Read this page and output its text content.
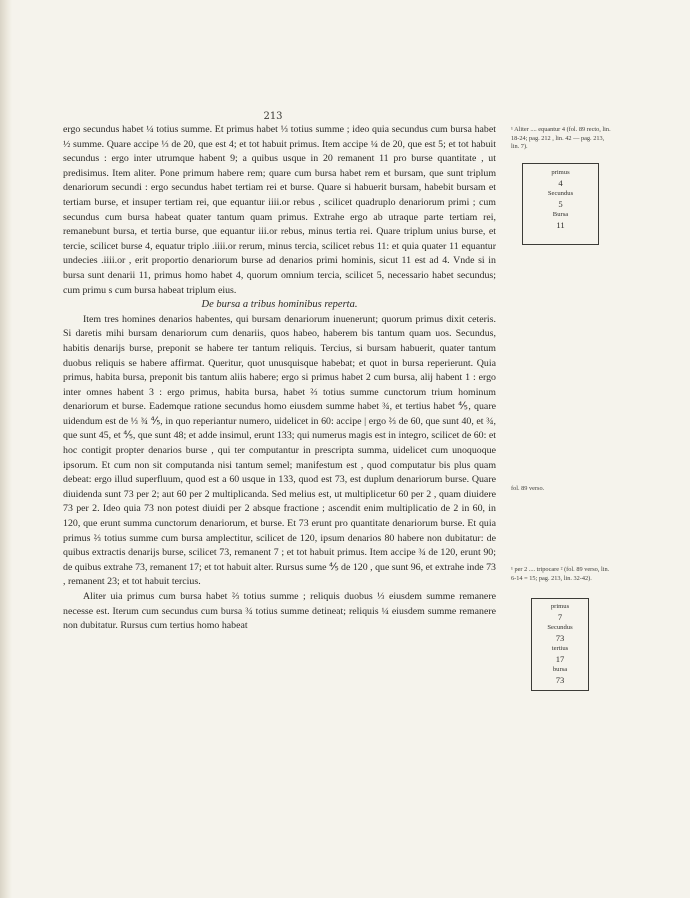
213

ergo secundus habet ¼ totius summe. Et primus habet ⅓ totius summe ; ideo quia secundus cum bursa habet ½ summe. Quare accipe ⅓ de 20, que est 4; et tot habuit primus. Item accipe ¼ de 20, que est 5; et tot habuit secundus : ergo inter utrumque habent 9; a quibus usque in 20 remanent 11 pro burse quantitate , ut predisimus. Item aliter. Pone primum habere rem; quare cum bursa habet rem et bursam, que sunt triplum denariorum secundi : ergo secundus habet tertiam rei et burse. Quare si habuerit bursam, habebit bursam et tertiam burse, et insuper tertiam rei, que equantur iiii.or rebus , scilicet quadruplo denariorum primi ; cum secundus cum bursa habeat quater tantum quam primus. Extrahe ergo ab utraque parte tertiam rei, remanebunt bursa, et tertia burse, que equantur iii.or rebus, minus tertia rei. Quare triplum unius burse, et tercie, scilicet burse 4, equatur triplo .iiii.or rerum, minus tercia, scilicet rebus 11: et quia quater 11 equantur undecies .iiii.or , erit proportio denariorum burse ad denarios primi hominis, sicut 11 est ad 4. Vnde si in bursa sunt denarii 11, primus homo habet 4, quorum omnium tercia, scilicet 5, necessario habet secundus; cum primu s cum bursa habeat triplum eius.

De bursa a tribus hominibus reperta.

Item tres homines denarios habentes, qui bursam denariorum inuenerunt; quorum primus dixit ceteris. Si daretis mihi bursam denariorum cum denariis, quos habeo, haberem bis tantum quam uos. Secundus, habitis denarijs burse, preponit se habere ter tantum reliquis. Tercius, si bursam habuerit, quater tantum duobus reliquis se habere affirmat. Queritur, quot unusquisque habebat; et quot in bursa reperierunt. Quia primus, habita bursa, preponit bis tantum aliis habere; ergo si primus habet 2 cum bursa, alij habent 1 : ergo inter omnes habent 3 : ergo primus, habita bursa, habet ⅔ totius summe cunctorum trium hominum denariorum et burse. Eademque ratione secundus homo eiusdem summe habet ¾, et tertius habet ⅘, quare uidendum est de ⅓ ¾ ⅘, in quo reperiantur numero, uidelicet in 60: accipe | ergo ⅔ de 60, que sunt 40, et ¾, que sunt 45, et ⅘, que sunt 48; et adde insimul, erunt 133; qui numerus magis est in integro, scilicet de 60: et hoc contigit propter denarios burse , qui ter computantur in prescripta summa, uidelicet cum unoquoque ipsorum. Et cum non sit computanda nisi tantum semel; manifestum est , quod computatur bis plus quam debeat: ergo illud superfluum, quod est a 60 usque in 133, quod est 73, est duplum denariorum burse. Quare diuidenda sunt 73 per 2; aut 60 per 2 multiplicanda. Sed melius est, ut multiplicetur 60 per 2 , quam diuidere 73 per 2. Ideo quia 73 non potest diuidi per 2 absque fractione ; ascendit enim multiplicatio de 2 in 60, in 120, que erunt summa cunctorum denariorum, et burse. Et 73 erunt pro quantitate denariorum burse. Et quia primus ⅔ totius summe cum bursa amplectitur, scilicet de 120, ipsum denarios 80 habere non dubitatur: de quibus extractis denarijs burse, scilicet 73, remanent 7 ; et tot habuit primus. Item accipe ¾ de 120, erunt 90; de quibus extrahe 73, remanent 17; et tot habuit alter. Rursus sume ⅘ de 120 , que sunt 96, et extrahe inde 73 , remanent 23; et tot habuit tercius.

Aliter uia primus cum bursa habet ⅔ totius summe ; reliquis duobus ⅓ eiusdem summe remanere necesse est. Iterum cum secundus cum bursa ¾ totius summe detineat; reliquis ¼ eiusdem summe remanere non dubitatur. Rursus cum tertius homo habeat

¹ Aliter .... equantur 4 (fol. 89 recto, lin. 18-24; pag. 212 , lin. 42 — pag. 213, lin. 7).
primus
4
Secundus
5
Bursa
11
fol. 89 verso.
¹ per 2 .... tripocare ² (fol. 89 verso, lin. 6-14 = 15; pag. 213, lin. 32-42).
primus
7
Secundus
73
tertius
17
bursa
73
